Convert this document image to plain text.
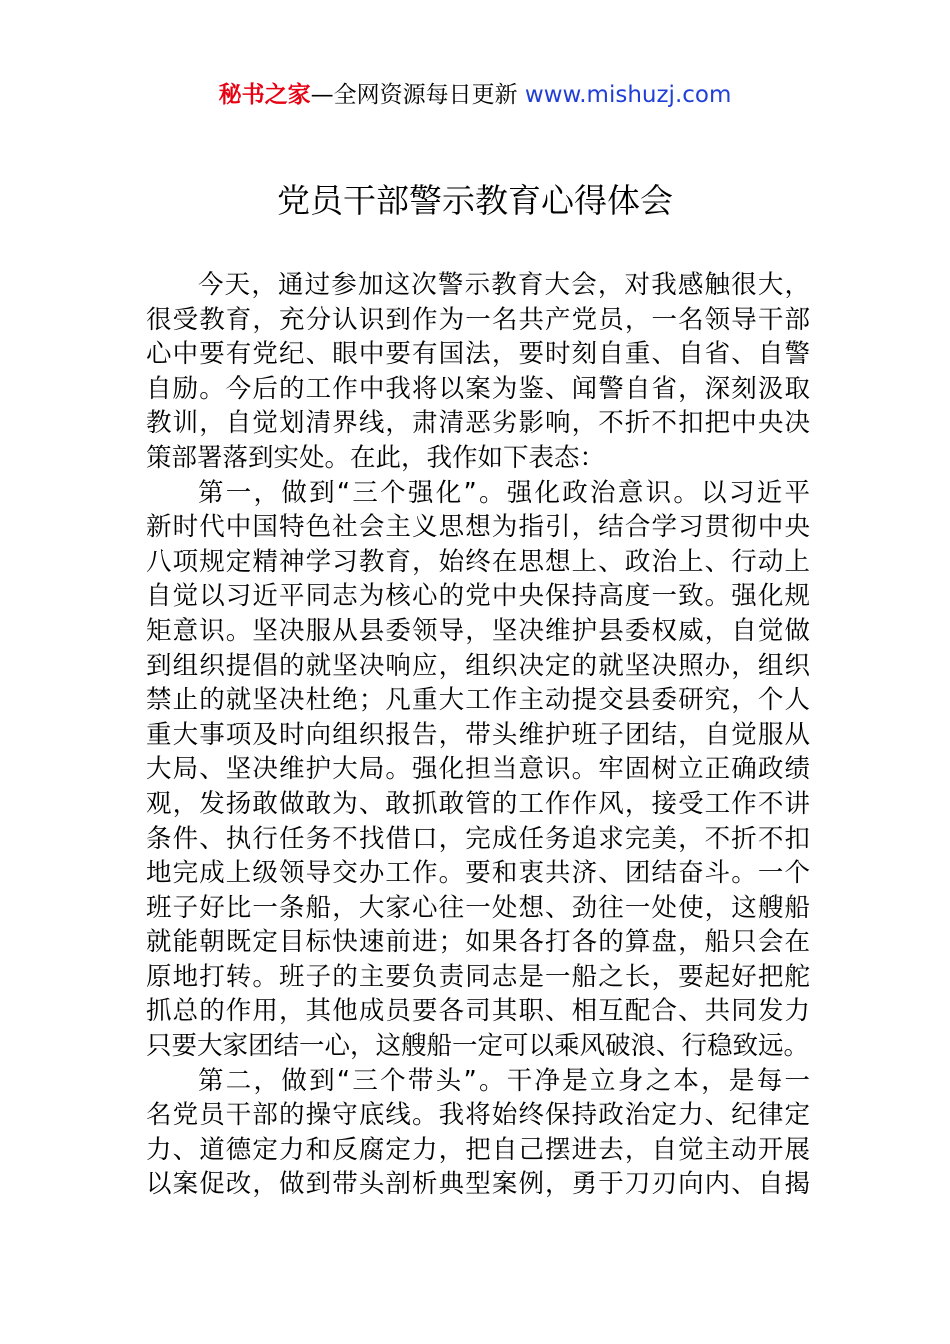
秘书之家—全网资源每日更新 www.mishuzj.com
党员干部警示教育心得体会
今天，通过参加这次警示教育大会，对我感触很大，
很受教育，充分认识到作为一名共产党员，一名领导干部
心中要有党纪、眼中要有国法，要时刻自重、自省、自警
自励。今后的工作中我将以案为鉴、闻警自省，深刻汲取
教训，自觉划清界线，肃清恶劣影响，不折不扣把中央决
策部署落到实处。在此，我作如下表态：
第一，做到“三个强化”。强化政治意识。以习近平
新时代中国特色社会主义思想为指引，结合学习贯彻中央
八项规定精神学习教育，始终在思想上、政治上、行动上
自觉以习近平同志为核心的党中央保持高度一致。强化规
矩意识。坚决服从县委领导，坚决维护县委权威，自觉做
到组织提倡的就坚决响应，组织决定的就坚决照办，组织
禁止的就坚决杜绝；凡重大工作主动提交县委研究，个人
重大事项及时向组织报告，带头维护班子团结，自觉服从
大局、坚决维护大局。强化担当意识。牢固树立正确政绩
观，发扬敢做敢为、敢抓敢管的工作作风，接受工作不讲
条件、执行任务不找借口，完成任务追求完美，不折不扣
地完成上级领导交办工作。要和衷共济、团结奋斗。一个
班子好比一条船，大家心往一处想、劲往一处使，这艘船
就能朝既定目标快速前进；如果各打各的算盘，船只会在
原地打转。班子的主要负责同志是一船之长，要起好把舵
抓总的作用，其他成员要各司其职、相互配合、共同发力
只要大家团结一心，这艘船一定可以乘风破浪、行稳致远。
第二，做到“三个带头”。干净是立身之本，是每一
名党员干部的操守底线。我将始终保持政治定力、纪律定
力、道德定力和反腐定力，把自己摆进去，自觉主动开展
以案促改，做到带头剖析典型案例，勇于刀刃向内、自揭
